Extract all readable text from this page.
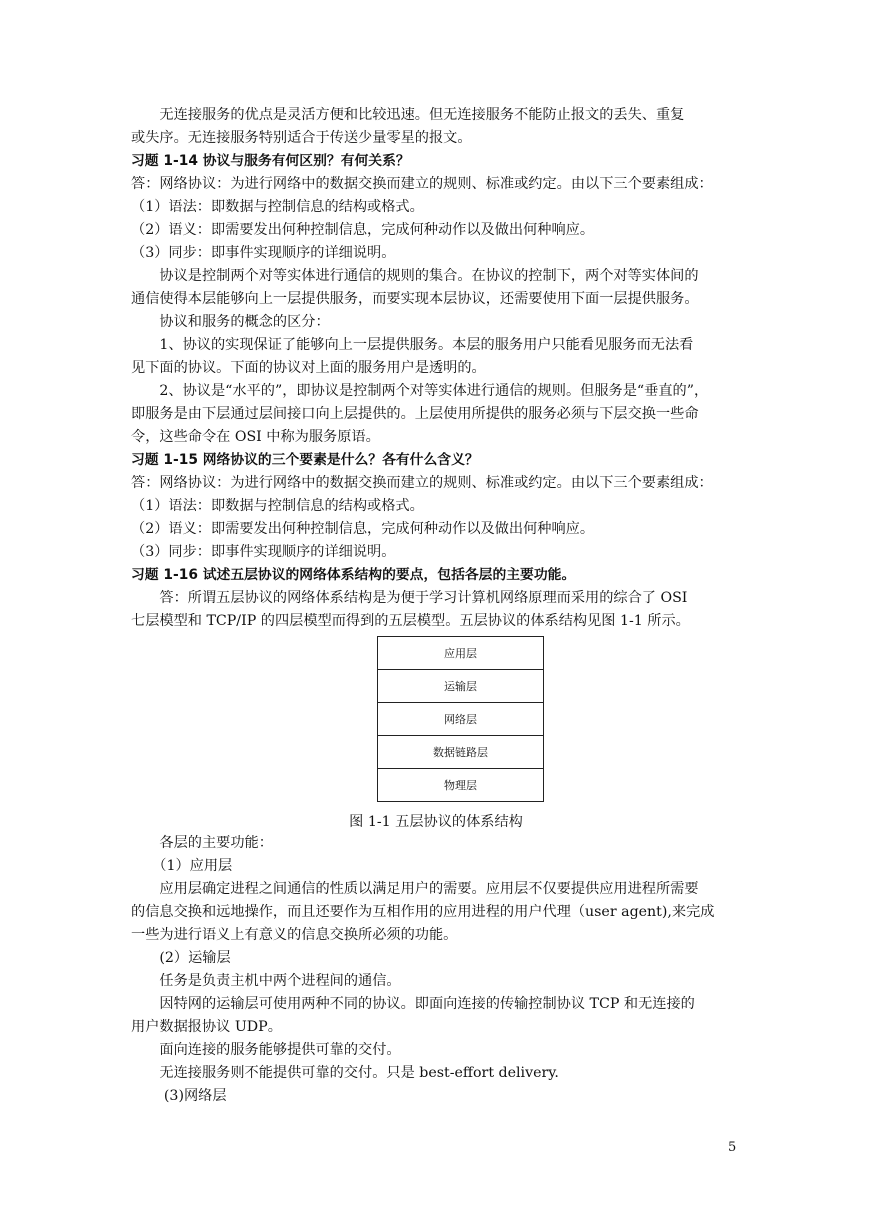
　　无连接服务的优点是灵活方便和比较迅速。但无连接服务不能防止报文的丢失、重复
或失序。无连接服务特别适合于传送少量零星的报文。
习题 1-14 协议与服务有何区别？有何关系？
答：网络协议：为进行网络中的数据交换而建立的规则、标准或约定。由以下三个要素组成：
（1）语法：即数据与控制信息的结构或格式。
（2）语义：即需要发出何种控制信息，完成何种动作以及做出何种响应。
（3）同步：即事件实现顺序的详细说明。
　　协议是控制两个对等实体进行通信的规则的集合。在协议的控制下，两个对等实体间的
通信使得本层能够向上一层提供服务，而要实现本层协议，还需要使用下面一层提供服务。
　　协议和服务的概念的区分：
　　1、协议的实现保证了能够向上一层提供服务。本层的服务用户只能看见服务而无法看
见下面的协议。下面的协议对上面的服务用户是透明的。
　　2、协议是“水平的”，即协议是控制两个对等实体进行通信的规则。但服务是“垂直的”，
即服务是由下层通过层间接口向上层提供的。上层使用所提供的服务必须与下层交换一些命
令，这些命令在 OSI 中称为服务原语。
习题 1-15 网络协议的三个要素是什么？各有什么含义？
答：网络协议：为进行网络中的数据交换而建立的规则、标准或约定。由以下三个要素组成：
（1）语法：即数据与控制信息的结构或格式。
（2）语义：即需要发出何种控制信息，完成何种动作以及做出何种响应。
（3）同步：即事件实现顺序的详细说明。
习题 1-16 试述五层协议的网络体系结构的要点，包括各层的主要功能。
　　答：所谓五层协议的网络体系结构是为便于学习计算机网络原理而采用的综合了 OSI
七层模型和 TCP/IP 的四层模型而得到的五层模型。五层协议的体系结构见图 1-1 所示。
应用层
运输层
网络层
数据链路层
物理层
图 1-1 五层协议的体系结构
　　各层的主要功能：
　　（1）应用层
　　应用层确定进程之间通信的性质以满足用户的需要。应用层不仅要提供应用进程所需要
的信息交换和远地操作，而且还要作为互相作用的应用进程的用户代理（user agent),来完成
一些为进行语义上有意义的信息交换所必须的功能。
　　(2）运输层
　　任务是负责主机中两个进程间的通信。
　　因特网的运输层可使用两种不同的协议。即面向连接的传输控制协议 TCP 和无连接的
用户数据报协议 UDP。
　　面向连接的服务能够提供可靠的交付。
　　无连接服务则不能提供可靠的交付。只是 best-effort delivery.
　　 (3)网络层
5
